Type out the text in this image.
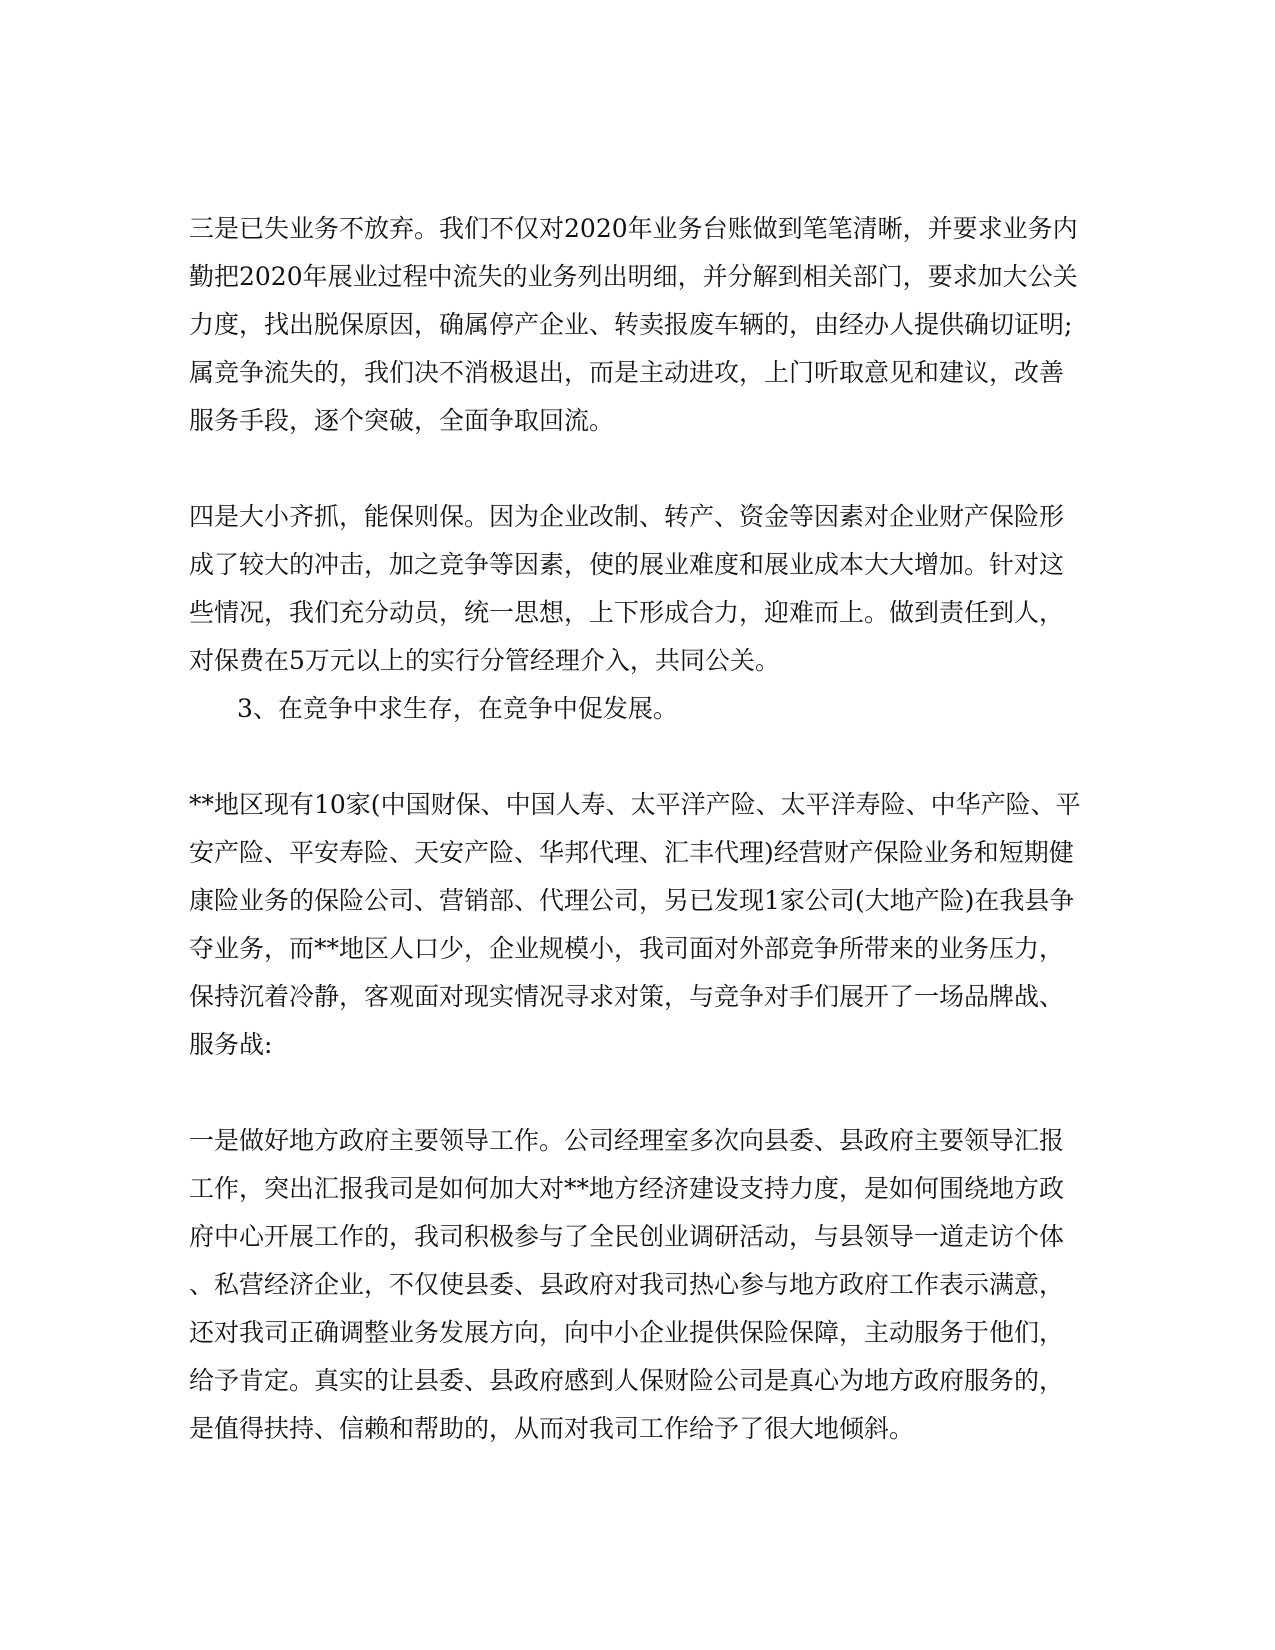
三是已失业务不放弃。我们不仅对2020年业务台账做到笔笔清晰，并要求业务内
勤把2020年展业过程中流失的业务列出明细，并分解到相关部门，要求加大公关
力度，找出脱保原因，确属停产企业、转卖报废车辆的，由经办人提供确切证明;
属竞争流失的，我们决不消极退出，而是主动进攻，上门听取意见和建议，改善
服务手段，逐个突破，全面争取回流。
四是大小齐抓，能保则保。因为企业改制、转产、资金等因素对企业财产保险形
成了较大的冲击，加之竞争等因素，使的展业难度和展业成本大大增加。针对这
些情况，我们充分动员，统一思想，上下形成合力，迎难而上。做到责任到人，
对保费在5万元以上的实行分管经理介入，共同公关。
3、在竞争中求生存，在竞争中促发展。
**地区现有10家(中国财保、中国人寿、太平洋产险、太平洋寿险、中华产险、平
安产险、平安寿险、天安产险、华邦代理、汇丰代理)经营财产保险业务和短期健
康险业务的保险公司、营销部、代理公司，另已发现1家公司(大地产险)在我县争
夺业务，而**地区人口少，企业规模小，我司面对外部竞争所带来的业务压力，
保持沉着冷静，客观面对现实情况寻求对策，与竞争对手们展开了一场品牌战、
服务战:
一是做好地方政府主要领导工作。公司经理室多次向县委、县政府主要领导汇报
工作，突出汇报我司是如何加大对**地方经济建设支持力度，是如何围绕地方政
府中心开展工作的，我司积极参与了全民创业调研活动，与县领导一道走访个体
、私营经济企业，不仅使县委、县政府对我司热心参与地方政府工作表示满意，
还对我司正确调整业务发展方向，向中小企业提供保险保障，主动服务于他们，
给予肯定。真实的让县委、县政府感到人保财险公司是真心为地方政府服务的，
是值得扶持、信赖和帮助的，从而对我司工作给予了很大地倾斜。
